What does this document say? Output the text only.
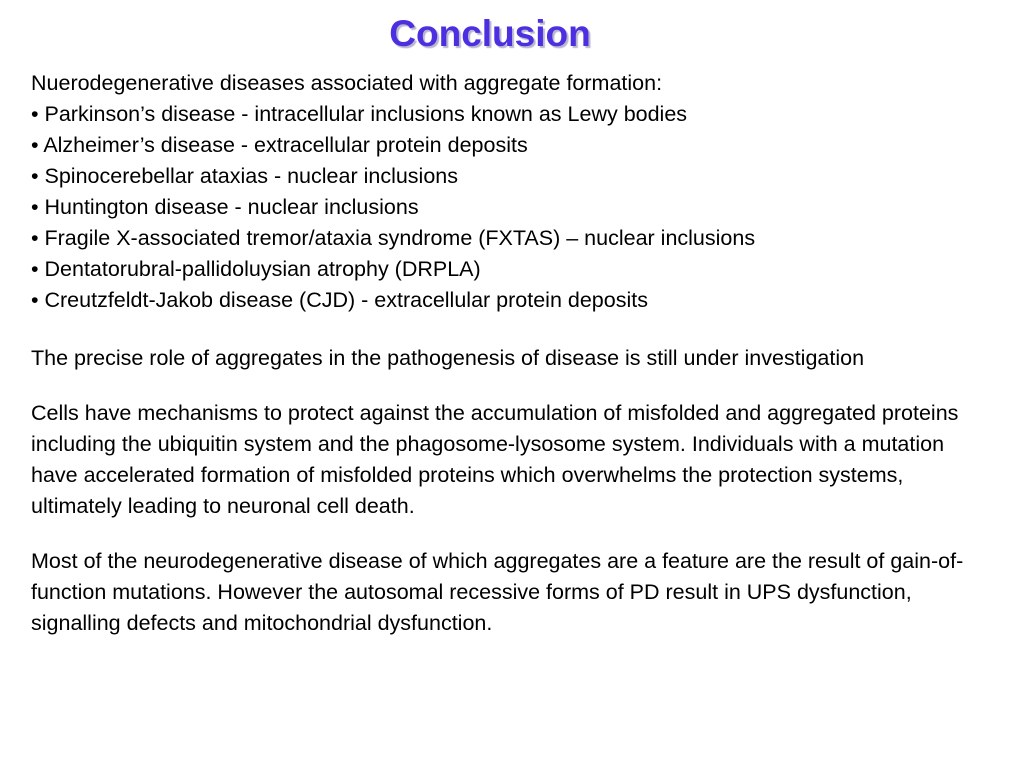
Conclusion

Nuerodegenerative diseases associated with aggregate formation:

• Parkinson’s disease - intracellular inclusions known as Lewy bodies

• Alzheimer’s disease - extracellular protein deposits

• Spinocerebellar ataxias - nuclear inclusions

• Huntington disease - nuclear inclusions

• Fragile X-associated tremor/ataxia syndrome (FXTAS) – nuclear inclusions

• Dentatorubral-pallidoluysian atrophy (DRPLA)

• Creutzfeldt-Jakob disease (CJD) - extracellular protein deposits

The precise role of aggregates in the pathogenesis of disease is still under investigation

Cells have mechanisms to protect against the accumulation of misfolded and aggregated proteins including the ubiquitin system and the phagosome-lysosome system. Individuals with a mutation have accelerated formation of misfolded proteins which overwhelms the protection systems, ultimately leading to neuronal cell death.

Most of the neurodegenerative disease of which aggregates are a feature are the result of gain-of-function mutations. However the autosomal recessive forms of PD result in UPS dysfunction, signalling defects and mitochondrial dysfunction.
